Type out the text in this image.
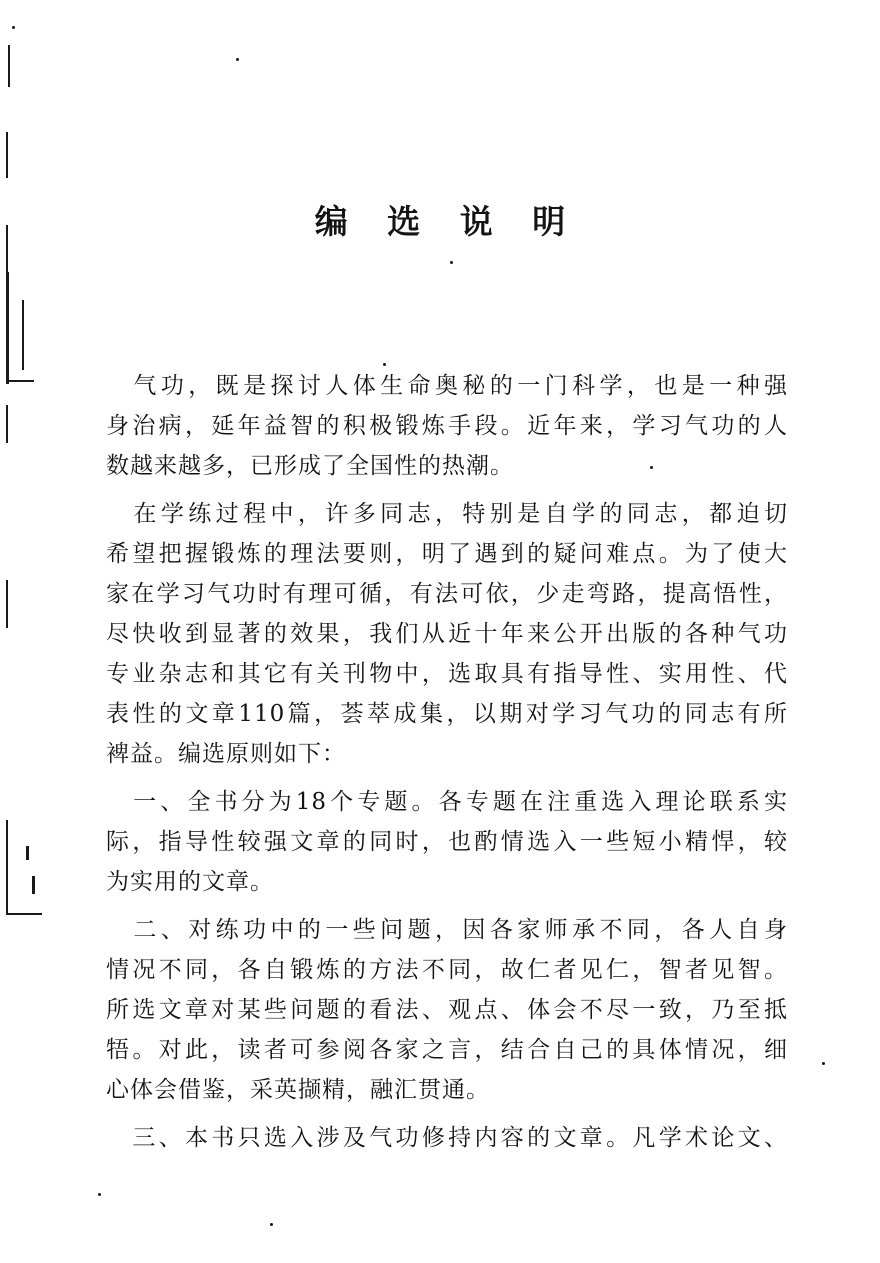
编 选 说 明
　气功，既是探讨人体生命奥秘的一门科学，也是一种强
身治病，延年益智的积极锻炼手段。近年来，学习气功的人
数越来越多，已形成了全国性的热潮。
　在学练过程中，许多同志，特别是自学的同志，都迫切
希望把握锻炼的理法要则，明了遇到的疑问难点。为了使大
家在学习气功时有理可循，有法可依，少走弯路，提高悟性，
尽快收到显著的效果，我们从近十年来公开出版的各种气功
专业杂志和其它有关刊物中，选取具有指导性、实用性、代
表性的文章110篇，荟萃成集，以期对学习气功的同志有所
裨益。编选原则如下：
　一、全书分为18个专题。各专题在注重选入理论联系实
际，指导性较强文章的同时，也酌情选入一些短小精悍，较
为实用的文章。
　二、对练功中的一些问题，因各家师承不同，各人自身
情况不同，各自锻炼的方法不同，故仁者见仁，智者见智。
所选文章对某些问题的看法、观点、体会不尽一致，乃至抵
牾。对此，读者可参阅各家之言，结合自己的具体情况，细
心体会借鉴，采英撷精，融汇贯通。
　三、本书只选入涉及气功修持内容的文章。凡学术论文、
